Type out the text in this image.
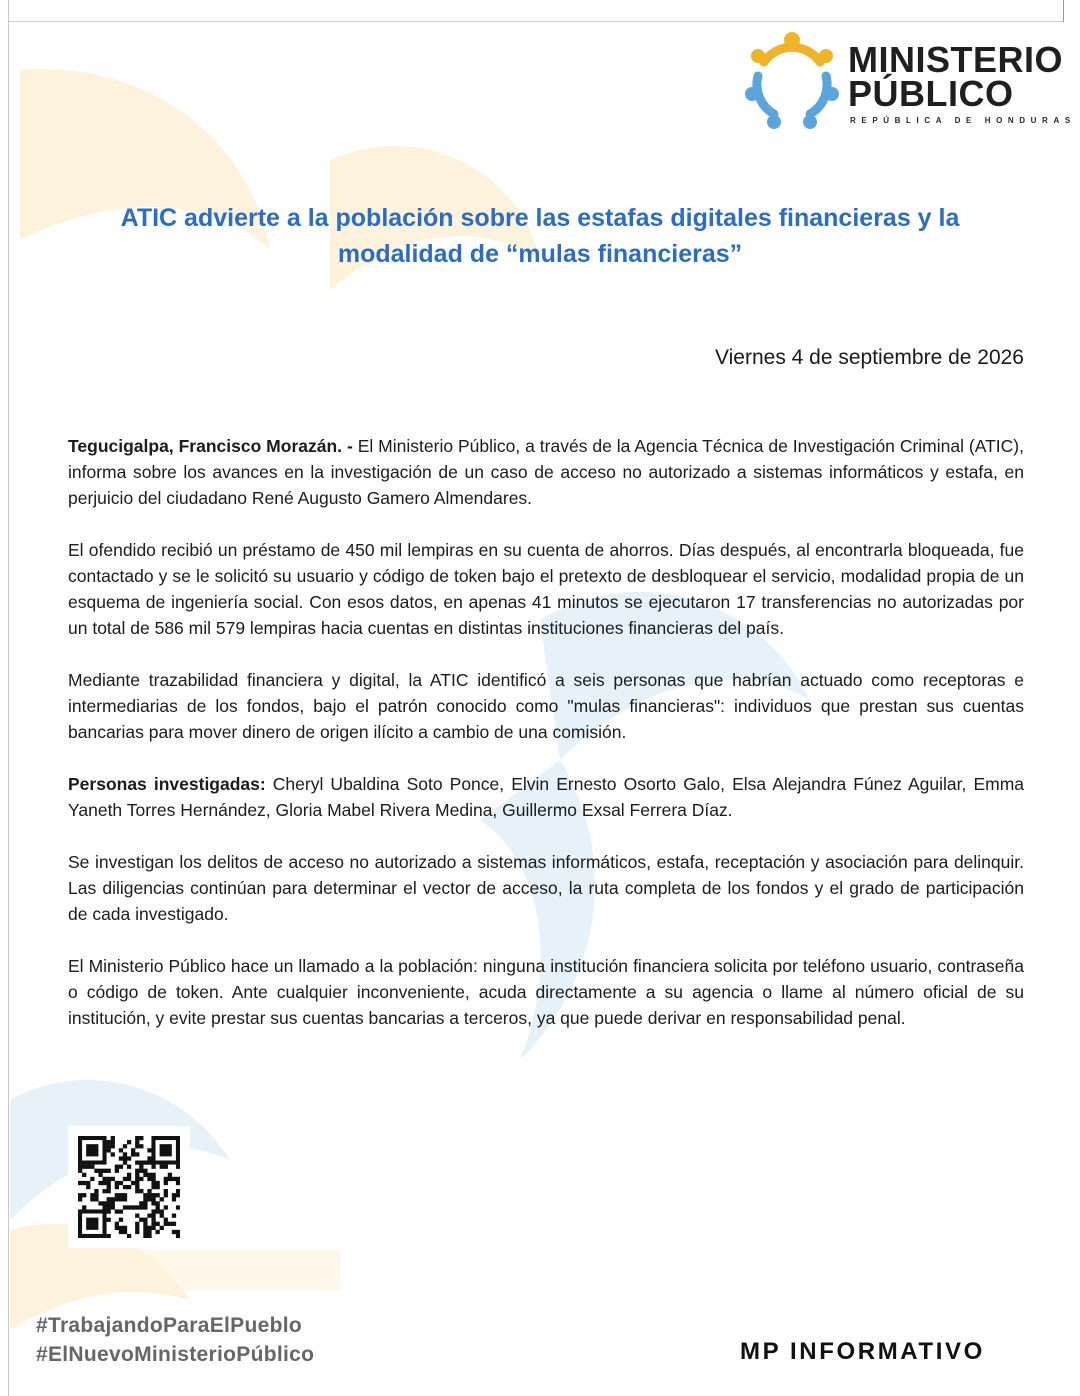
MINISTERIO
PÚBLICO
REPÚBLICA DE HONDURAS
ATIC advierte a la población sobre las estafas digitales financieras y la modalidad de “mulas financieras”
Viernes 4 de septiembre de 2026

Tegucigalpa, Francisco Morazán. - El Ministerio Público, a través de la Agencia Técnica de Investigación Criminal (ATIC), informa sobre los avances en la investigación de un caso de acceso no autorizado a sistemas informáticos y estafa, en perjuicio del ciudadano René Augusto Gamero Almendares.

El ofendido recibió un préstamo de 450 mil lempiras en su cuenta de ahorros. Días después, al encontrarla bloqueada, fue contactado y se le solicitó su usuario y código de token bajo el pretexto de desbloquear el servicio, modalidad propia de un esquema de ingeniería social. Con esos datos, en apenas 41 minutos se ejecutaron 17 transferencias no autorizadas por un total de 586 mil 579 lempiras hacia cuentas en distintas instituciones financieras del país.

Mediante trazabilidad financiera y digital, la ATIC identificó a seis personas que habrían actuado como receptoras e intermediarias de los fondos, bajo el patrón conocido como "mulas financieras": individuos que prestan sus cuentas bancarias para mover dinero de origen ilícito a cambio de una comisión.

Personas investigadas: Cheryl Ubaldina Soto Ponce, Elvin Ernesto Osorto Galo, Elsa Alejandra Fúnez Aguilar, Emma Yaneth Torres Hernández, Gloria Mabel Rivera Medina, Guillermo Exsal Ferrera Díaz.

Se investigan los delitos de acceso no autorizado a sistemas informáticos, estafa, receptación y asociación para delinquir. Las diligencias continúan para determinar el vector de acceso, la ruta completa de los fondos y el grado de participación de cada investigado.

El Ministerio Público hace un llamado a la población: ninguna institución financiera solicita por teléfono usuario, contraseña o código de token. Ante cualquier inconveniente, acuda directamente a su agencia o llame al número oficial de su institución, y evite prestar sus cuentas bancarias a terceros, ya que puede derivar en responsabilidad penal.

#TrabajandoParaElPueblo
#ElNuevoMinisterioPúblico	MP INFORMATIVO
